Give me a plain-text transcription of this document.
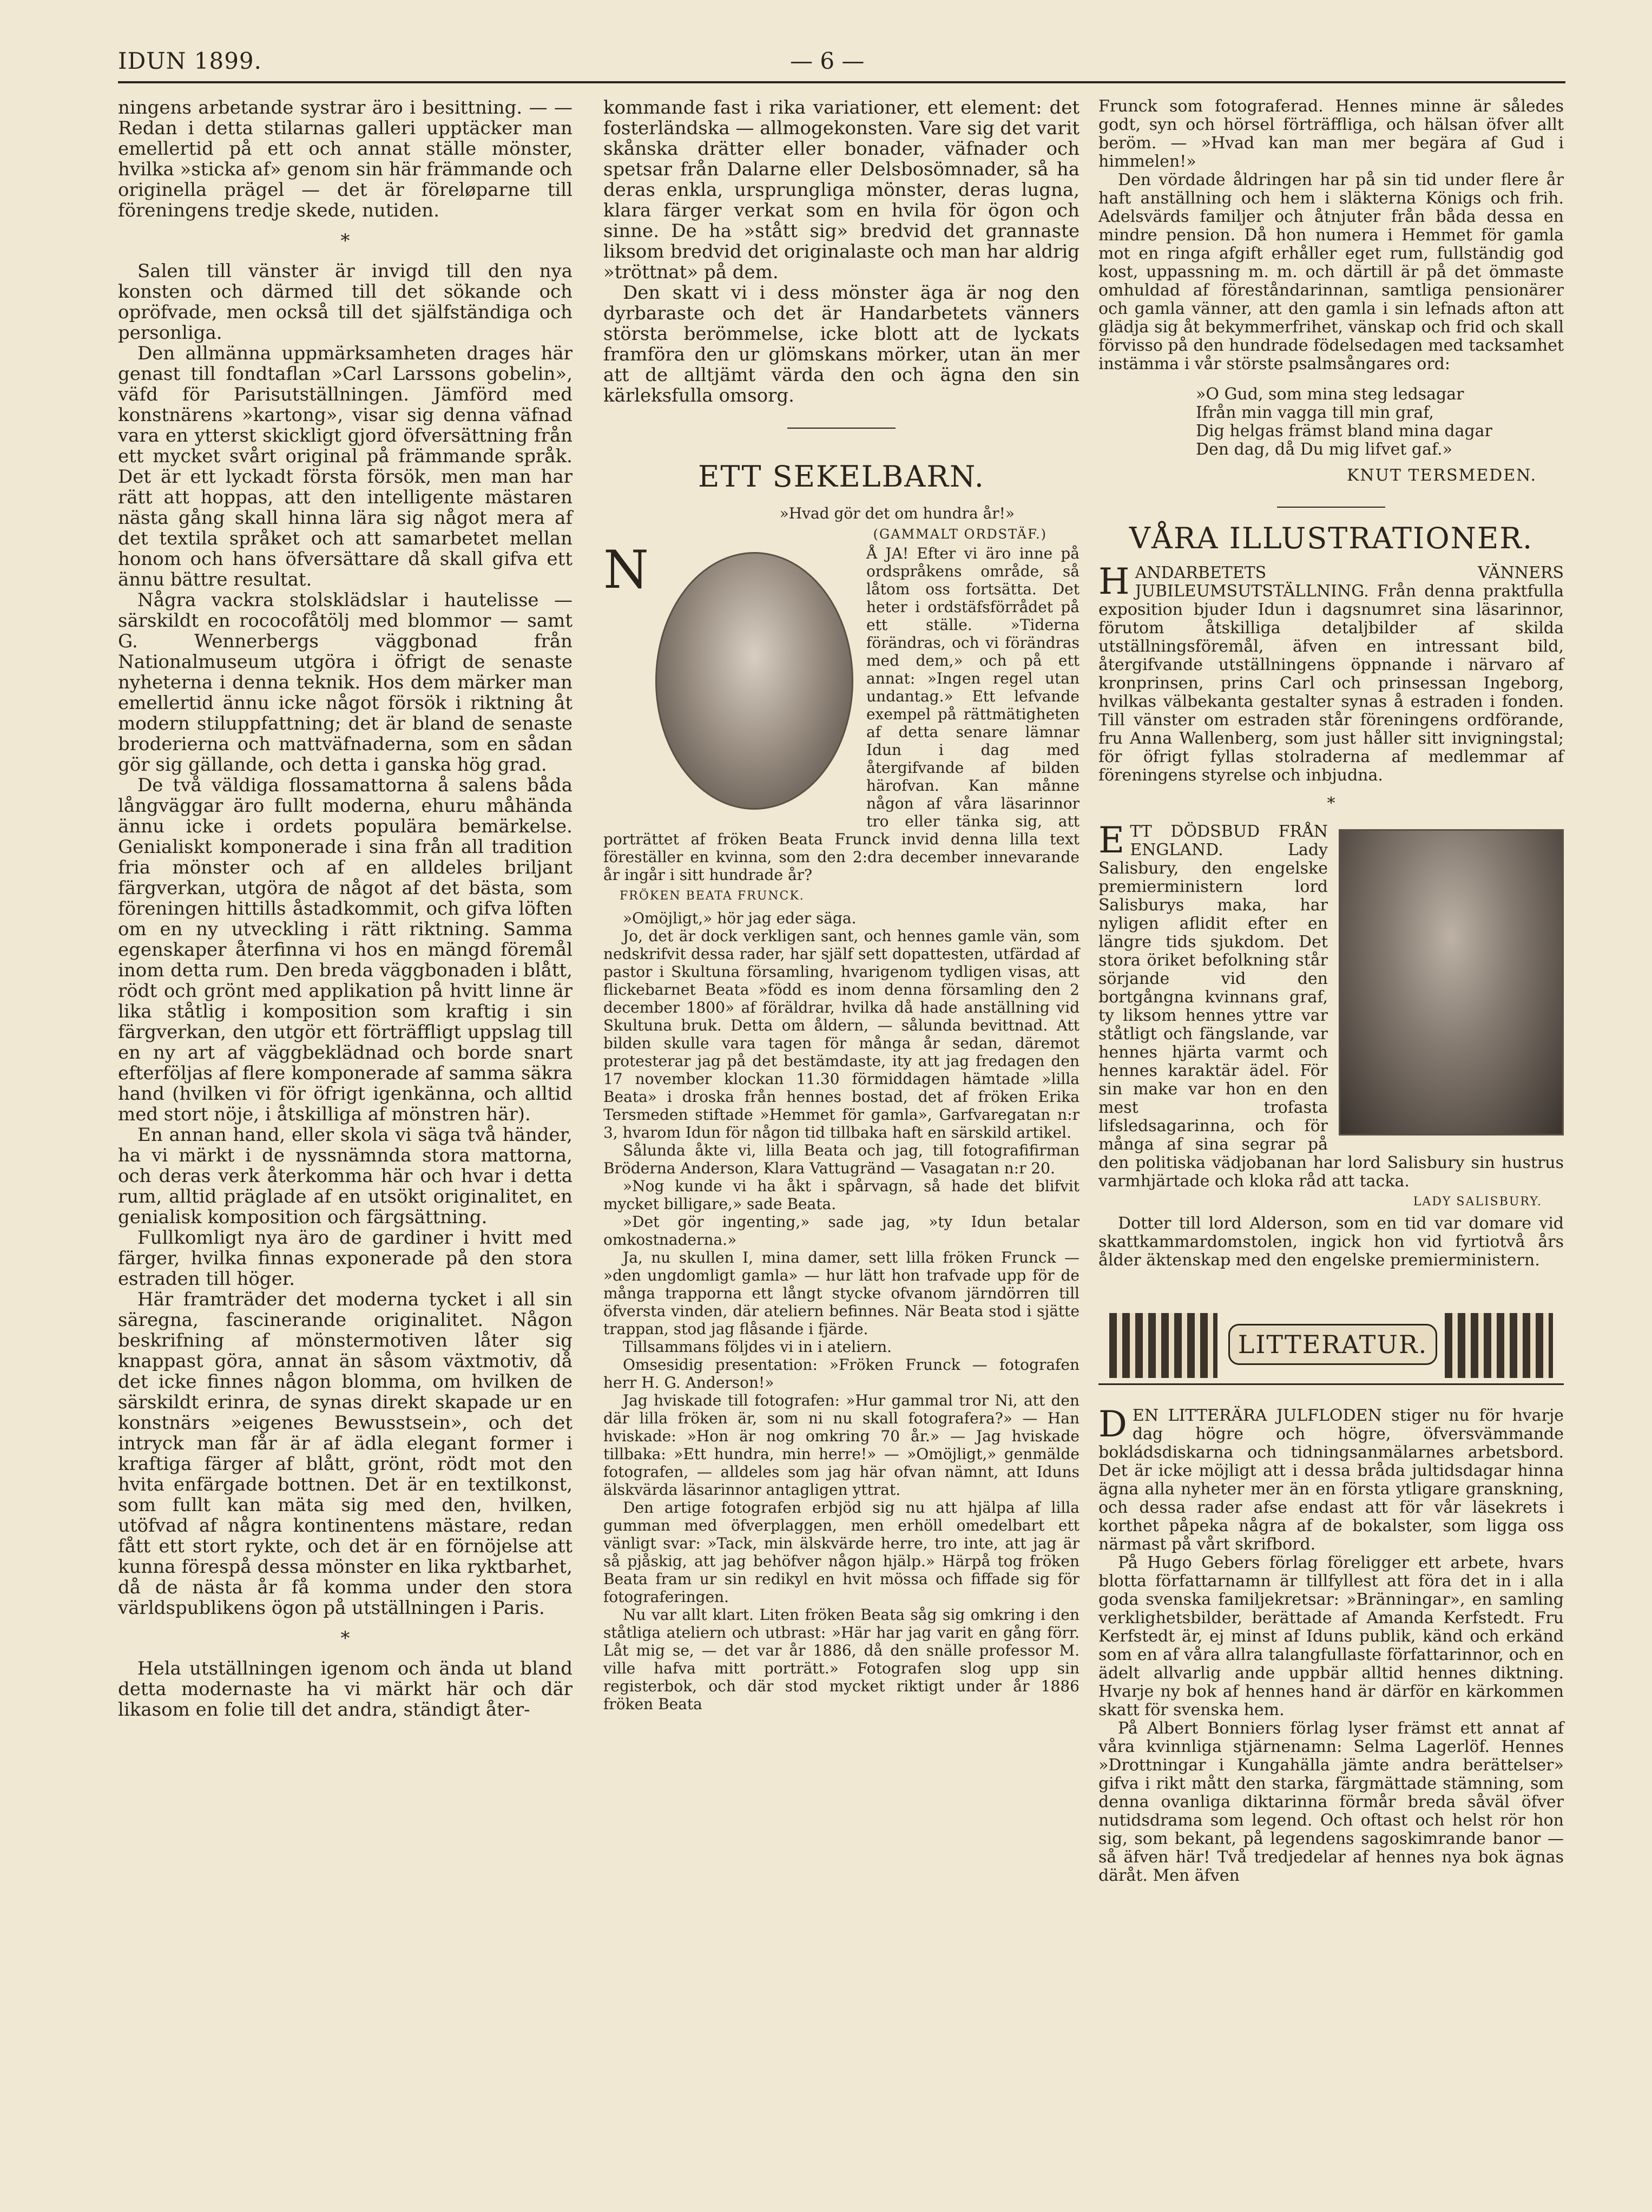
IDUN 1899.	— 6 —

ningens arbetande systrar äro i besittning. — — Redan i detta stilarnas galleri upptäcker man emellertid på ett och annat ställe mönster, hvilka »sticka af» genom sin här främmande och originella prägel — det är föreløparne till föreningens tredje skede, nutiden.

*

Salen till vänster är invigd till den nya konsten och därmed till det sökande och opröfvade, men också till det själfständiga och personliga.

Den allmänna uppmärksamheten drages här genast till fondtaflan »Carl Larssons gobelin», väfd för Parisutställningen. Jämförd med konstnärens »kartong», visar sig denna väfnad vara en ytterst skickligt gjord öfversättning från ett mycket svårt original på främmande språk. Det är ett lyckadt första försök, men man har rätt att hoppas, att den intelligente mästaren nästa gång skall hinna lära sig något mera af det textila språket och att samarbetet mellan honom och hans öfversättare då skall gifva ett ännu bättre resultat.

Några vackra stolsklädslar i hautelisse — särskildt en rococofåtölj med blommor — samt G. Wennerbergs väggbonad från Nationalmuseum utgöra i öfrigt de senaste nyheterna i denna teknik. Hos dem märker man emellertid ännu icke något försök i riktning åt modern stiluppfattning; det är bland de senaste broderierna och mattväfnaderna, som en sådan gör sig gällande, och detta i ganska hög grad.

De två väldiga flossamattorna å salens båda långväggar äro fullt moderna, ehuru måhända ännu icke i ordets populära bemärkelse. Genialiskt komponerade i sina från all tradition fria mönster och af en alldeles briljant färgverkan, utgöra de något af det bästa, som föreningen hittills åstadkommit, och gifva löften om en ny utveckling i rätt riktning. Samma egenskaper återfinna vi hos en mängd föremål inom detta rum. Den breda väggbonaden i blått, rödt och grönt med applikation på hvitt linne är lika ståtlig i komposition som kraftig i sin färgverkan, den utgör ett förträffligt uppslag till en ny art af väggbeklädnad och borde snart efterföljas af flere komponerade af samma säkra hand (hvilken vi för öfrigt igenkänna, och alltid med stort nöje, i åtskilliga af mönstren här).

En annan hand, eller skola vi säga två händer, ha vi märkt i de nyssnämnda stora mattorna, och deras verk återkomma här och hvar i detta rum, alltid präglade af en utsökt originalitet, en genialisk komposition och färgsättning.

Fullkomligt nya äro de gardiner i hvitt med färger, hvilka finnas exponerade på den stora estraden till höger.

Här framträder det moderna tycket i all sin säregna, fascinerande originalitet. Någon beskrifning af mönstermotiven låter sig knappast göra, annat än såsom växtmotiv, då det icke finnes någon blomma, om hvilken de särskildt erinra, de synas direkt skapade ur en konstnärs »eigenes Bewusstsein», och det intryck man får är af ädla elegant former i kraftiga färger af blått, grönt, rödt mot den hvita enfärgade bottnen. Det är en textilkonst, som fullt kan mäta sig med den, hvilken, utöfvad af några kontinentens mästare, redan fått ett stort rykte, och det är en förnöjelse att kunna förespå dessa mönster en lika ryktbarhet, då de nästa år få komma under den stora världspublikens ögon på utställningen i Paris.

*

Hela utställningen igenom och ända ut bland detta modernaste ha vi märkt här och där likasom en folie till det andra, ständigt åter-

kommande fast i rika variationer, ett element: det fosterländska — allmogekonsten. Vare sig det varit skånska drätter eller bonader, väfnader och spetsar från Dalarne eller Delsbosömnader, så ha deras enkla, ursprungliga mönster, deras lugna, klara färger verkat som en hvila för ögon och sinne. De ha »stått sig» bredvid det grannaste liksom bredvid det originalaste och man har aldrig »tröttnat» på dem.

Den skatt vi i dess mönster äga är nog den dyrbaraste och det är Handarbetets vänners största berömmelse, icke blott att de lyckats framföra den ur glömskans mörker, utan än mer att de alltjämt värda den och ägna den sin kärleksfulla omsorg.

ETT SEKELBARN.

»Hvad gör det om hundra år!»

(GAMMALT ORDSTÄF.)

N	Å JA! Efter vi äro inne på ordspråkens område, så låtom oss fortsätta. Det heter i ordstäfsförrådet på ett ställe. »Tiderna förändras, och vi förändras med dem,» och på ett annat: »Ingen regel utan undantag.» Ett lefvande exempel på rättmätigheten af detta senare lämnar Idun i dag med återgifvande af bilden härofvan. Kan månne någon af våra läsarinnor tro eller tänka sig, att porträttet af fröken Beata Frunck invid denna lilla text föreställer en kvinna, som den 2:dra december innevarande år ingår i sitt hundrade år?

FRÖKEN BEATA FRUNCK.

»Omöjligt,» hör jag eder säga.

Jo, det är dock verkligen sant, och hennes gamle vän, som nedskrifvit dessa rader, har själf sett dopattesten, utfärdad af pastor i Skultuna församling, hvarigenom tydligen visas, att flickebarnet Beata »född es inom denna församling den 2 december 1800» af föräldrar, hvilka då hade anställning vid Skultuna bruk. Detta om åldern, — sålunda bevittnad. Att bilden skulle vara tagen för många år sedan, däremot protesterar jag på det bestämdaste, ity att jag fredagen den 17 november klockan 11.30 förmiddagen hämtade »lilla Beata» i droska från hennes bostad, det af fröken Erika Tersmeden stiftade »Hemmet för gamla», Garfvaregatan n:r 3, hvarom Idun för någon tid tillbaka haft en särskild artikel.

Sålunda åkte vi, lilla Beata och jag, till fotografifirman Bröderna Anderson, Klara Vattugränd — Vasagatan n:r 20.

»Nog kunde vi ha åkt i spårvagn, så hade det blifvit mycket billigare,» sade Beata.

»Det gör ingenting,» sade jag, »ty Idun betalar omkostnaderna.»

Ja, nu skullen I, mina damer, sett lilla fröken Frunck — »den ungdomligt gamla» — hur lätt hon trafvade upp för de många trapporna ett långt stycke ofvanom järndörren till öfversta vinden, där ateliern befinnes. När Beata stod i sjätte trappan, stod jag flåsande i fjärde.

Tillsammans följdes vi in i ateliern.

Omsesidig presentation: »Fröken Frunck — fotografen herr H. G. Anderson!»

Jag hviskade till fotografen: »Hur gammal tror Ni, att den där lilla fröken är, som ni nu skall fotografera?» — Han hviskade: »Hon är nog omkring 70 år.» — Jag hviskade tillbaka: »Ett hundra, min herre!» — »Omöjligt,» genmälde fotografen, — alldeles som jag här ofvan nämnt, att Iduns älskvärda läsarinnor antagligen yttrat.

Den artige fotografen erbjöd sig nu att hjälpa af lilla gumman med öfverplaggen, men erhöll omedelbart ett vänligt svar: »Tack, min älskvärde herre, tro inte, att jag är så pjåskig, att jag behöfver någon hjälp.» Härpå tog fröken Beata fram ur sin redikyl en hvit mössa och fiffade sig för fotograferingen.

Nu var allt klart. Liten fröken Beata såg sig omkring i den ståtliga ateliern och utbrast: »Här har jag varit en gång förr. Låt mig se, — det var år 1886, då den snälle professor M. ville hafva mitt porträtt.» Fotografen slog upp sin registerbok, och där stod mycket riktigt under år 1886 fröken Beata

Frunck som fotograferad. Hennes minne är således godt, syn och hörsel förträffliga, och hälsan öfver allt beröm. — »Hvad kan man mer begära af Gud i himmelen!»

Den vördade åldringen har på sin tid under flere år haft anställning och hem i släkterna Königs och frih. Adelsvärds familjer och åtnjuter från båda dessa en mindre pension. Då hon numera i Hemmet för gamla mot en ringa afgift erhåller eget rum, fullständig god kost, uppassning m. m. och därtill är på det ömmaste omhuldad af föreståndarinnan, samtliga pensionärer och gamla vänner, att den gamla i sin lefnads afton att glädja sig åt bekymmerfrihet, vänskap och frid och skall förvisso på den hundrade födelsedagen med tacksamhet instämma i vår störste psalmsångares ord:

»O Gud, som mina steg ledsagar

Ifrån min vagga till min graf,

Dig helgas främst bland mina dagar

Den dag, då Du mig lifvet gaf.»

KNUT TERSMEDEN.

VÅRA ILLUSTRATIONER.

HANDARBETETS VÄNNERS JUBILEUMSUTSTÄLLNING. Från denna praktfulla exposition bjuder Idun i dagsnumret sina läsarinnor, förutom åtskilliga detaljbilder af skilda utställningsföremål, äfven en intressant bild, återgifvande utställningens öppnande i närvaro af kronprinsen, prins Carl och prinsessan Ingeborg, hvilkas välbekanta gestalter synas å estraden i fonden. Till vänster om estraden står föreningens ordförande, fru Anna Wallenberg, som just håller sitt invigningstal; för öfrigt fyllas stolraderna af medlemmar af föreningens styrelse och inbjudna.

*

ETT DÖDSBUD FRÅN ENGLAND. Lady Salisbury, den engelske premierministern lord Salisburys maka, har nyligen aflidit efter en längre tids sjukdom. Det stora öriket befolkning står sörjande vid den bortgångna kvinnans graf, ty liksom hennes yttre var ståtligt och fängslande, var hennes hjärta varmt och hennes karaktär ädel. För sin make var hon en den mest trofasta lifsledsagarinna, och för många af sina segrar på den politiska vädjobanan har lord Salisbury sin hustrus varmhjärtade och kloka råd att tacka.

LADY SALISBURY.

Dotter till lord Alderson, som en tid var domare vid skattkammardomstolen, ingick hon vid fyrtiotvå års ålder äktenskap med den engelske premierministern.

LITTERATUR.

DEN LITTERÄRA JULFLODEN stiger nu för hvarje dag högre och högre, öfversvämmande bokládsdiskarna och tidningsanmälarnes arbetsbord. Det är icke möjligt att i dessa bråda jultidsdagar hinna ägna alla nyheter mer än en första ytligare granskning, och dessa rader afse endast att för vår läsekrets i korthet påpeka några af de bokalster, som ligga oss närmast på vårt skrifbord.

På Hugo Gebers förlag föreligger ett arbete, hvars blotta författarnamn är tillfyllest att föra det in i alla goda svenska familjekretsar: »Bränningar», en samling verklighetsbilder, berättade af Amanda Kerfstedt. Fru Kerfstedt är, ej minst af Iduns publik, känd och erkänd som en af våra allra talangfullaste författarinnor, och en ädelt allvarlig ande uppbär alltid hennes diktning. Hvarje ny bok af hennes hand är därför en kärkommen skatt för svenska hem.

På Albert Bonniers förlag lyser främst ett annat af våra kvinnliga stjärnenamn: Selma Lagerlöf. Hennes »Drottningar i Kungahälla jämte andra berättelser» gifva i rikt mått den starka, färgmättade stämning, som denna ovanliga diktarinna förmår breda såväl öfver nutidsdrama som legend. Och oftast och helst rör hon sig, som bekant, på legendens sagoskimrande banor — så äfven här! Två tredjedelar af hennes nya bok ägnas däråt. Men äfven
